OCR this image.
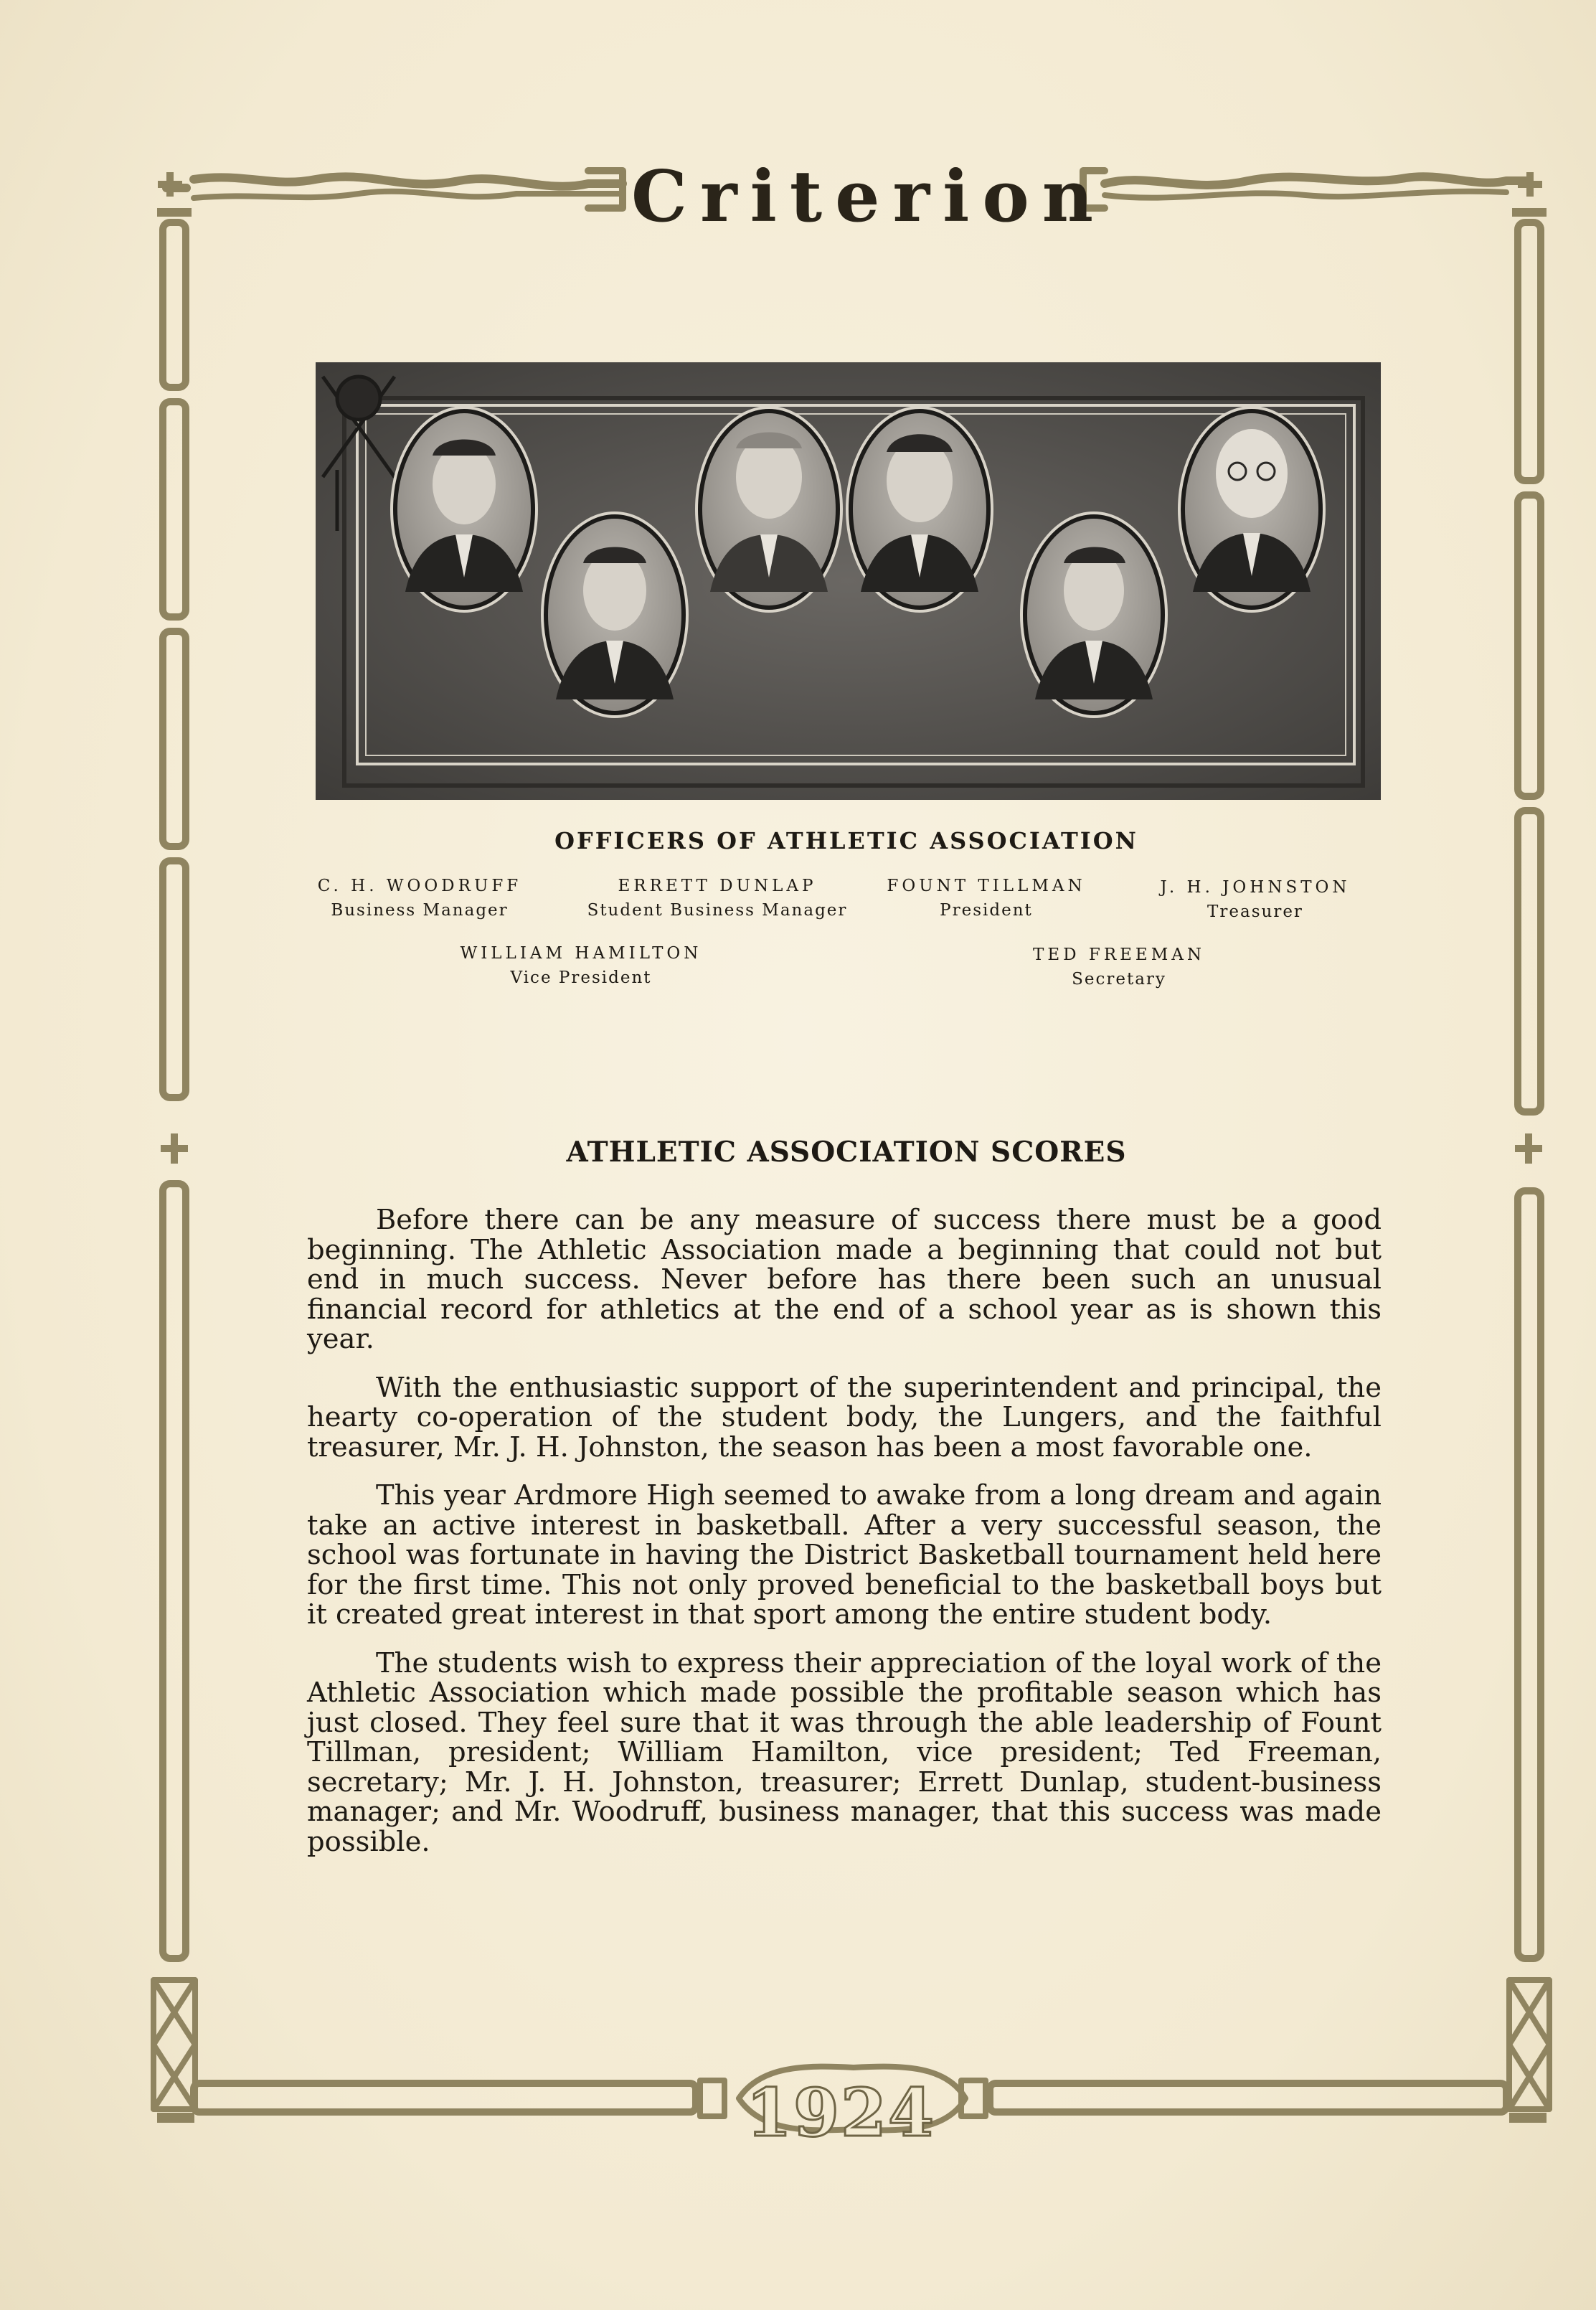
Criterion
1924
OFFICERS OF ATHLETIC ASSOCIATION
C. H. WOODRUFF
Business Manager
ERRETT DUNLAP
Student Business Manager
FOUNT TILLMAN
President
J. H. JOHNSTON
Treasurer
WILLIAM HAMILTON
Vice President
TED FREEMAN
Secretary
ATHLETIC ASSOCIATION SCORES

Before there can be any measure of success there must be a good beginning. The Athletic Association made a beginning that could not but end in much success. Never before has there been such an unusual financial record for athletics at the end of a school year as is shown this year.

With the enthusiastic support of the superintendent and principal, the hearty co-operation of the student body, the Lungers, and the faithful treasurer, Mr. J. H. Johnston, the season has been a most favorable one.

This year Ardmore High seemed to awake from a long dream and again take an active interest in basketball. After a very successful season, the school was fortunate in having the District Basketball tournament held here for the first time. This not only proved beneficial to the basketball boys but it created great interest in that sport among the entire student body.

The students wish to express their appreciation of the loyal work of the Athletic Association which made possible the profitable season which has just closed. They feel sure that it was through the able leadership of Fount Tillman, president; William Hamilton, vice president; Ted Freeman, secretary; Mr. J. H. Johnston, treasurer; Errett Dunlap, student-business manager; and Mr. Woodruff, business manager, that this success was made possible.
